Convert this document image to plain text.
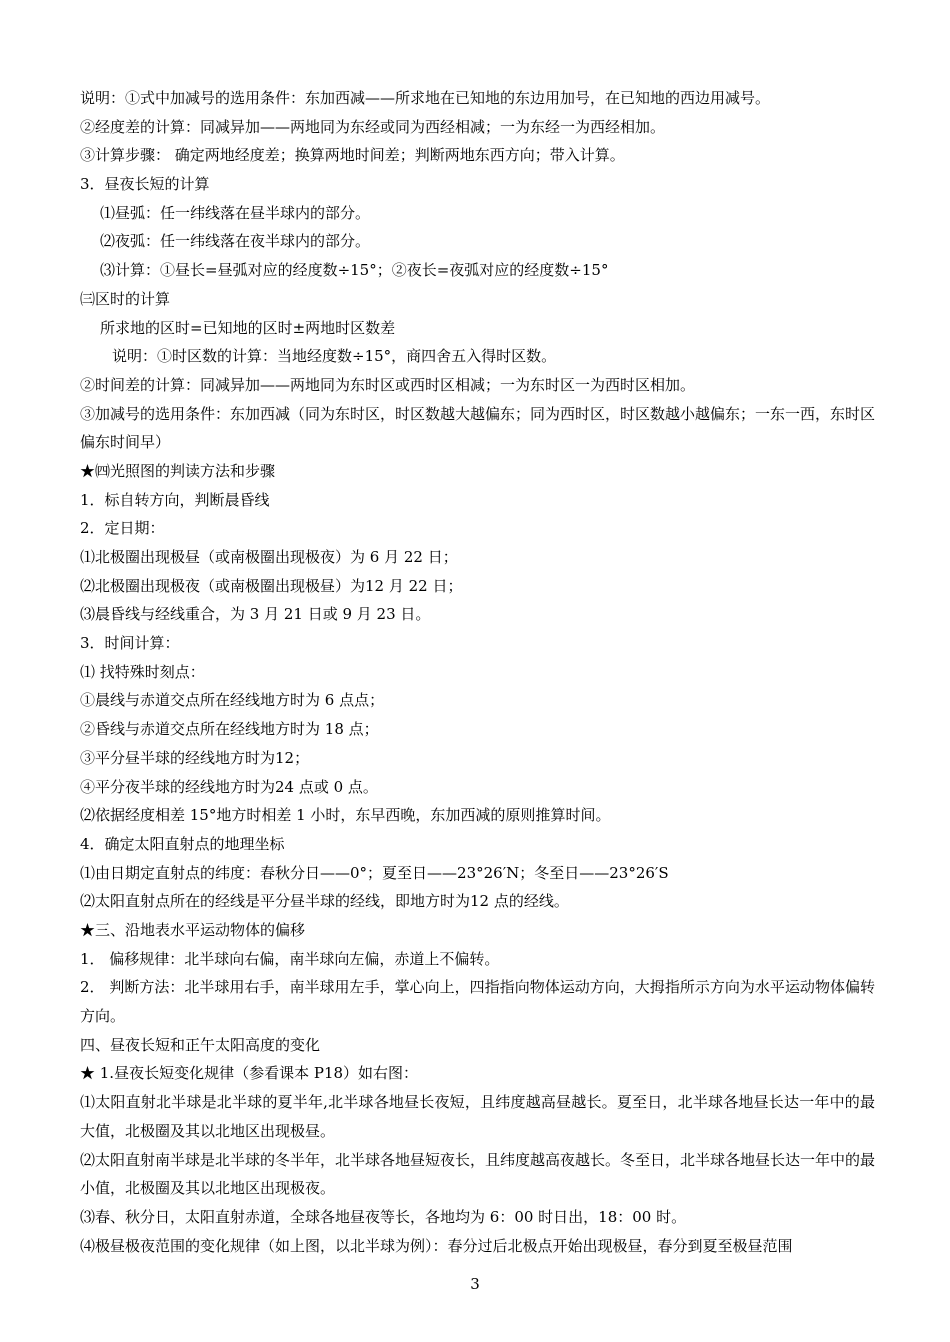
说明：①式中加减号的选用条件：东加西减——所求地在已知地的东边用加号，在已知地的西边用减号。
②经度差的计算：同减异加——两地同为东经或同为西经相减；一为东经一为西经相加。
③计算步骤： 确定两地经度差；换算两地时间差；判断两地东西方向；带入计算。
3．昼夜长短的计算
⑴昼弧：任一纬线落在昼半球内的部分。
⑵夜弧：任一纬线落在夜半球内的部分。
⑶计算：①昼长=昼弧对应的经度数÷15°；②夜长=夜弧对应的经度数÷15°
㈢区时的计算
所求地的区时=已知地的区时±两地时区数差
说明：①时区数的计算：当地经度数÷15°，商四舍五入得时区数。
②时间差的计算：同减异加——两地同为东时区或西时区相减；一为东时区一为西时区相加。
③加减号的选用条件：东加西减（同为东时区，时区数越大越偏东；同为西时区，时区数越小越偏东；一东一西，东时区偏东时间早）
★㈣光照图的判读方法和步骤
1．标自转方向，判断晨昏线
2．定日期：
⑴北极圈出现极昼（或南极圈出现极夜）为 6 月 22 日；
⑵北极圈出现极夜（或南极圈出现极昼）为12 月 22 日；
⑶晨昏线与经线重合，为 3 月 21 日或 9 月 23 日。
3．时间计算：
⑴ 找特殊时刻点：
①晨线与赤道交点所在经线地方时为 6 点点；
②昏线与赤道交点所在经线地方时为 18 点；
③平分昼半球的经线地方时为12；
④平分夜半球的经线地方时为24 点或 0 点。
⑵依据经度相差 15°地方时相差 1 小时，东早西晚，东加西减的原则推算时间。
4．确定太阳直射点的地理坐标
⑴由日期定直射点的纬度：春秋分日——0°；夏至日——23°26′N；冬至日——23°26′S
⑵太阳直射点所在的经线是平分昼半球的经线，即地方时为12 点的经线。
★三、沿地表水平运动物体的偏移
1． 偏移规律：北半球向右偏，南半球向左偏，赤道上不偏转。
2． 判断方法：北半球用右手，南半球用左手，掌心向上，四指指向物体运动方向，大拇指所示方向为水平运动物体偏转方向。
四、昼夜长短和正午太阳高度的变化
★ 1.昼夜长短变化规律（参看课本 P18）如右图：
⑴太阳直射北半球是北半球的夏半年,北半球各地昼长夜短，且纬度越高昼越长。夏至日，北半球各地昼长达一年中的最大值，北极圈及其以北地区出现极昼。
⑵太阳直射南半球是北半球的冬半年，北半球各地昼短夜长，且纬度越高夜越长。冬至日，北半球各地昼长达一年中的最小值，北极圈及其以北地区出现极夜。
⑶春、秋分日，太阳直射赤道，全球各地昼夜等长，各地均为 6：00 时日出，18：00 时。
⑷极昼极夜范围的变化规律（如上图，以北半球为例）：春分过后北极点开始出现极昼，春分到夏至极昼范围
3
